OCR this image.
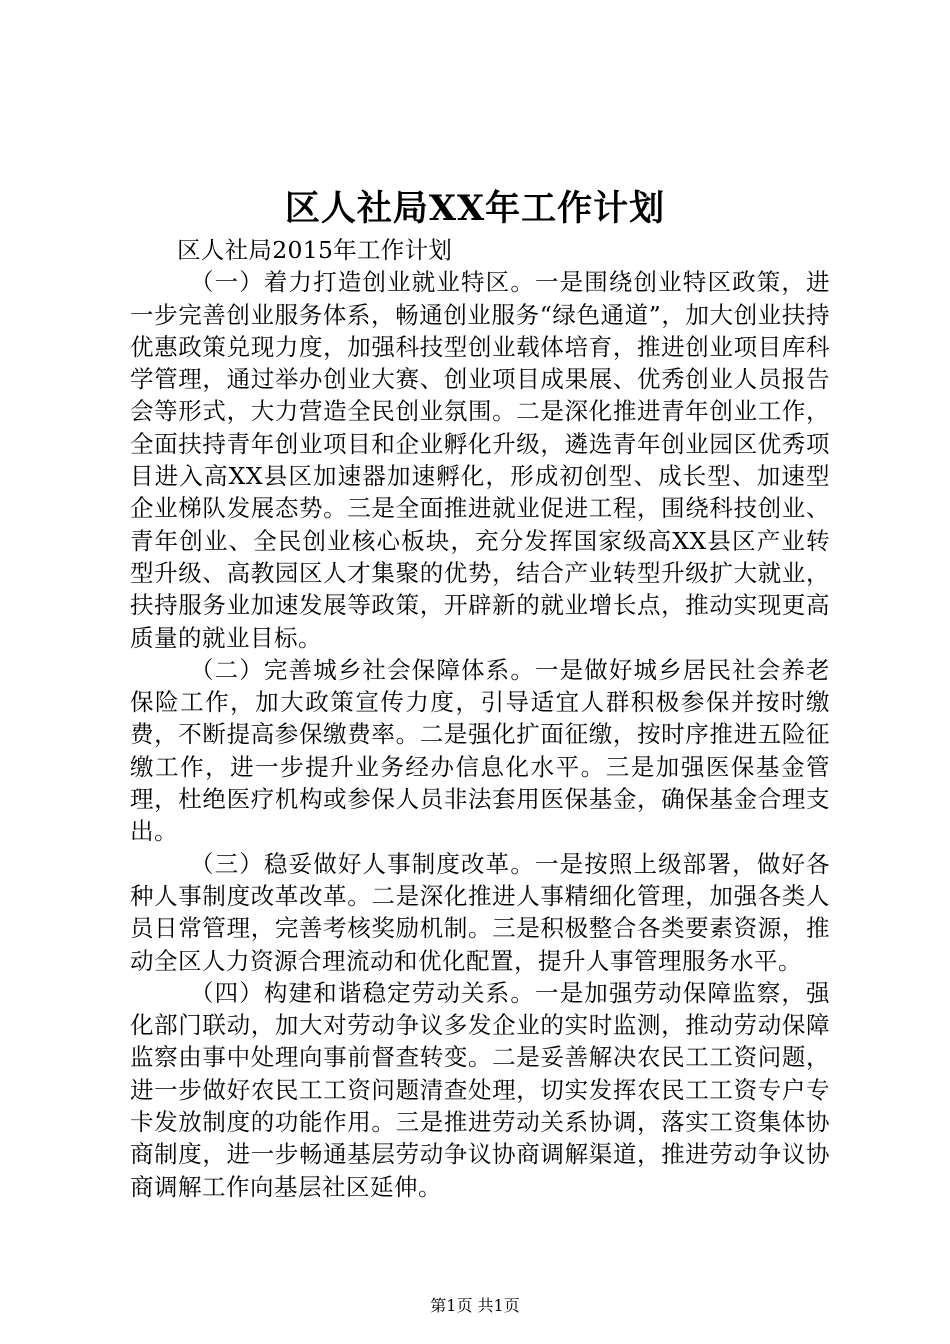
区人社局XX年工作计划

区人社局2015年工作计划

（一）着力打造创业就业特区。一是围绕创业特区政策，进一步完善创业服务体系，畅通创业服务“绿色通道”，加大创业扶持优惠政策兑现力度，加强科技型创业载体培育，推进创业项目库科学管理，通过举办创业大赛、创业项目成果展、优秀创业人员报告会等形式，大力营造全民创业氛围。二是深化推进青年创业工作，全面扶持青年创业项目和企业孵化升级，遴选青年创业园区优秀项目进入高XX县区加速器加速孵化，形成初创型、成长型、加速型企业梯队发展态势。三是全面推进就业促进工程，围绕科技创业、青年创业、全民创业核心板块，充分发挥国家级高XX县区产业转型升级、高教园区人才集聚的优势，结合产业转型升级扩大就业，扶持服务业加速发展等政策，开辟新的就业增长点，推动实现更高质量的就业目标。

（二）完善城乡社会保障体系。一是做好城乡居民社会养老保险工作，加大政策宣传力度，引导适宜人群积极参保并按时缴费，不断提高参保缴费率。二是强化扩面征缴，按时序推进五险征缴工作，进一步提升业务经办信息化水平。三是加强医保基金管理，杜绝医疗机构或参保人员非法套用医保基金，确保基金合理支出。

（三）稳妥做好人事制度改革。一是按照上级部署，做好各种人事制度改革改革。二是深化推进人事精细化管理，加强各类人员日常管理，完善考核奖励机制。三是积极整合各类要素资源，推动全区人力资源合理流动和优化配置，提升人事管理服务水平。

（四）构建和谐稳定劳动关系。一是加强劳动保障监察，强化部门联动，加大对劳动争议多发企业的实时监测，推动劳动保障监察由事中处理向事前督查转变。二是妥善解决农民工工资问题，进一步做好农民工工资问题清查处理，切实发挥农民工工资专户专卡发放制度的功能作用。三是推进劳动关系协调，落实工资集体协商制度，进一步畅通基层劳动争议协商调解渠道，推进劳动争议协商调解工作向基层社区延伸。

第1页 共1页
